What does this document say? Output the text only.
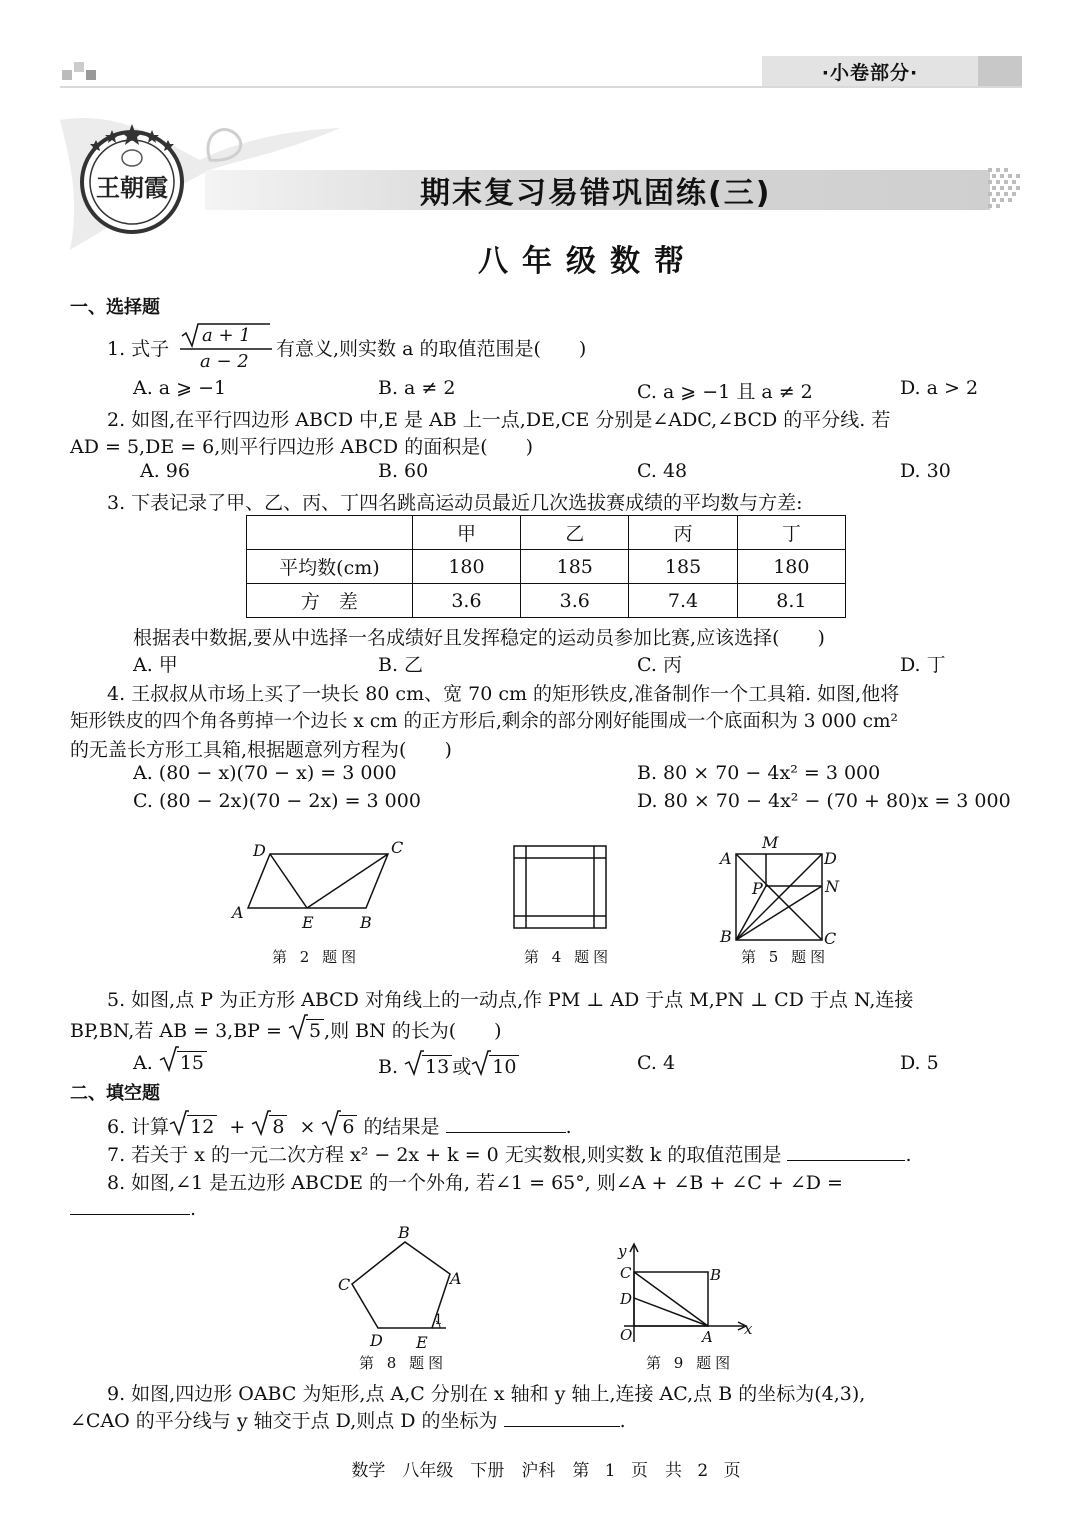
·小卷部分·
王朝霞	期末复习易错巩固练(三)
八年级数帮
一、选择题
1. 式子
a + 1
a − 2
有意义,则实数 a 的取值范围是(　　)
A. a ⩾ −1	B. a ≠ 2	C. a ⩾ −1 且 a ≠ 2	D. a > 2
2. 如图,在平行四边形 ABCD 中,E 是 AB 上一点,DE,CE 分别是∠ADC,∠BCD 的平分线. 若
AD = 5,DE = 6,则平行四边形 ABCD 的面积是(　　)
A. 96	B. 60	C. 48	D. 30
3. 下表记录了甲、乙、丙、丁四名跳高运动员最近几次选拔赛成绩的平均数与方差:
	甲	乙	丙	丁
平均数(cm)	180	185	185	180
方　差	3.6	3.6	7.4	8.1
根据表中数据,要从中选择一名成绩好且发挥稳定的运动员参加比赛,应该选择(　　)
A. 甲	B. 乙	C. 丙	D. 丁
4. 王叔叔从市场上买了一块长 80 cm、宽 70 cm 的矩形铁皮,准备制作一个工具箱. 如图,他将
矩形铁皮的四个角各剪掉一个边长 x cm 的正方形后,剩余的部分刚好能围成一个底面积为 3 000 cm²
的无盖长方形工具箱,根据题意列方程为(　　)
A. (80 − x)(70 − x) = 3 000	B. 80 × 70 − 4x² = 3 000
C. (80 − 2x)(70 − 2x) = 3 000	D. 80 × 70 − 4x² − (70 + 80)x = 3 000
D	C
A
E	B
第 2 题图	第 4 题图
M
A	D
P	N
B	C
第 5 题图
5. 如图,点 P 为正方形 ABCD 对角线上的一动点,作 PM ⊥ AD 于点 M,PN ⊥ CD 于点 N,连接
BP,BN,若 AB = 3,BP =
5 ,则 BN 的长为(　　)
A.
15	B.
13 或 10	C. 4	D. 5
二、填空题
6. 计算 12 + 8 × 6 的结果是	.
7. 若关于 x 的一元二次方程 x² − 2x + k = 0 无实数根,则实数 k 的取值范围是	.
8. 如图,∠1 是五边形 ABCDE 的一个外角, 若∠1 = 65°, 则∠A + ∠B + ∠C + ∠D =
.
B
C	A
D E
1
第 8 题图
y
C	B
D
O	A x
第 9 题图
9. 如图,四边形 OABC 为矩形,点 A,C 分别在 x 轴和 y 轴上,连接 AC,点 B 的坐标为(4,3),
∠CAO 的平分线与 y 轴交于点 D,则点 D 的坐标为	.
数学　八年级　下册　沪科　第 1 页　共 2 页
